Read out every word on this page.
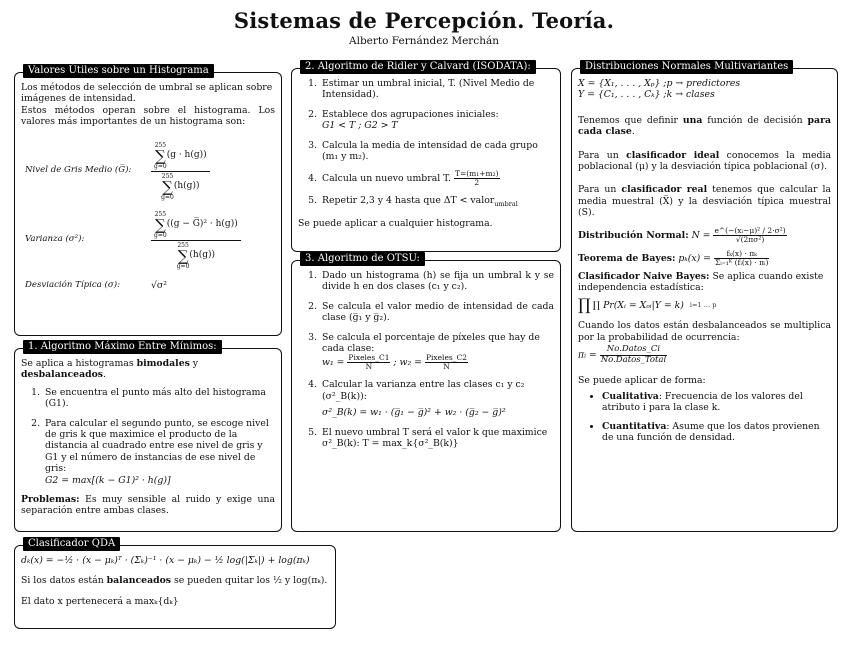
Sistemas de Percepción. Teoría.
Alberto Fernández Merchán
Valores Útiles sobre un Histograma
Los métodos de selección de umbral se aplican sobre imágenes de intensidad.
Estos métodos operan sobre el histograma. Los valores más importantes de un histograma son:
Nivel de Gris Medio (G̅):
255
∑
g=0
(g · h(g))
255
∑
g=0
(h(g))
Varianza (σ²):
255
∑
g=0
((g − G̅)² · h(g))
255
∑
g=0
(h(g))
Desviación Típica (σ):	√σ²
1. Algoritmo Máximo Entre Mínimos:

Se aplica a histogramas bimodales y desbalanceados.

1. Se encuentra el punto más alto del histograma (G1).
2. Para calcular el segundo punto, se escoge nivel de gris k que maximice el producto de la distancia al cuadrado entre ese nivel de gris y G1 y el número de instancias de ese nivel de gris:
G2 = max[(k − G1)² · h(g)]

Problemas: Es muy sensible al ruido y exige una separación entre ambas clases.

2. Algoritmo de Ridler y Calvard (ISODATA):
1. Estimar un umbral inicial, T. (Nivel Medio de Intensidad).
2. Establece dos agrupaciones iniciales:
G1 < T ; G2 > T
3. Calcula la media de intensidad de cada grupo (m₁ y m₂).
4. Calcula un nuevo umbral T. $\frac{\text{T=(m₁+m₂)}}{2}$
5. Repetir 2,3 y 4 hasta que ΔT < valor$_{umbral}$
Se puede aplicar a cualquier histograma.
3. Algoritmo de OTSU:
1. Dado un histograma (h) se fija un umbral k y se divide h en dos clases (c₁ y c₂).
2. Se calcula el valor medio de intensidad de cada clase (g̅₁ y g̅₂).
3. Se calcula el porcentaje de píxeles que hay de cada clase:
$w_1 = \frac{\text{Pixeles\_C1}}{N}$ ; $w_2 = \frac{\text{Pixeles\_C2}}{N}$
4. Calcular la varianza entre las clases c₁ y c₂ (σ²_B(k)):

σ²_B(k) = w₁ · (g̅₁ − g̅)² + w₂ · (g̅₂ − g̅)²
5. El nuevo umbral T será el valor k que maximice σ²_B(k): T = max_k{σ²_B(k)}
Distribuciones Normales Multivariantes
X = {X₁, . . . , Xₚ} ;p → predictores
Y = {C₁, . . . , Cₖ} ;k → clases

Tenemos que definir una función de decisión para cada clase.

Para un clasificador ideal conocemos la media poblacional (μ) y la desviación típica poblacional (σ).

Para un clasificador real tenemos que calcular la media muestral (X̅) y la desviación típica muestral (S).

Distribución Normal: $N = \frac{\text{e\textasciicircum{}(−(xᵢ−μ)² / 2·σ²)}}{\text{√(2πσ²)}}$
Teorema de Bayes: $p_k(x) = \frac{\text{fₖ(x) · πₖ}}{\text{Σᵢ₌₁ᴷ (fᵢ(x) · πᵢ)}}$
Clasificador Naive Bayes: Se aplica cuando existe independencia estadística:
∏ ∏ Pr(Xᵢ = Xₒᵢ|Y = k) i=1 … p

Cuando los datos están desbalanceados se multiplica por la probabilidad de ocurrencia:

πᵢ = $\frac{\text{No.Datos\_Ci}}{\text{No.Datos\_Total}}$
Se puede aplicar de forma:
• Cualitativa: Frecuencia de los valores del atributo i para la clase k.
• Cuantitativa: Asume que los datos provienen de una función de densidad.
Clasificador QDA
dₖ(x) = −½ · (x − μₖ)ᵀ · (Σₖ)⁻¹ · (x − μₖ) − ½ log(|Σₖ|) + log(πₖ)

Si los datos están balanceados se pueden quitar los ½ y log(πₖ).

El dato x pertenecerá a maxₖ{dₖ}
